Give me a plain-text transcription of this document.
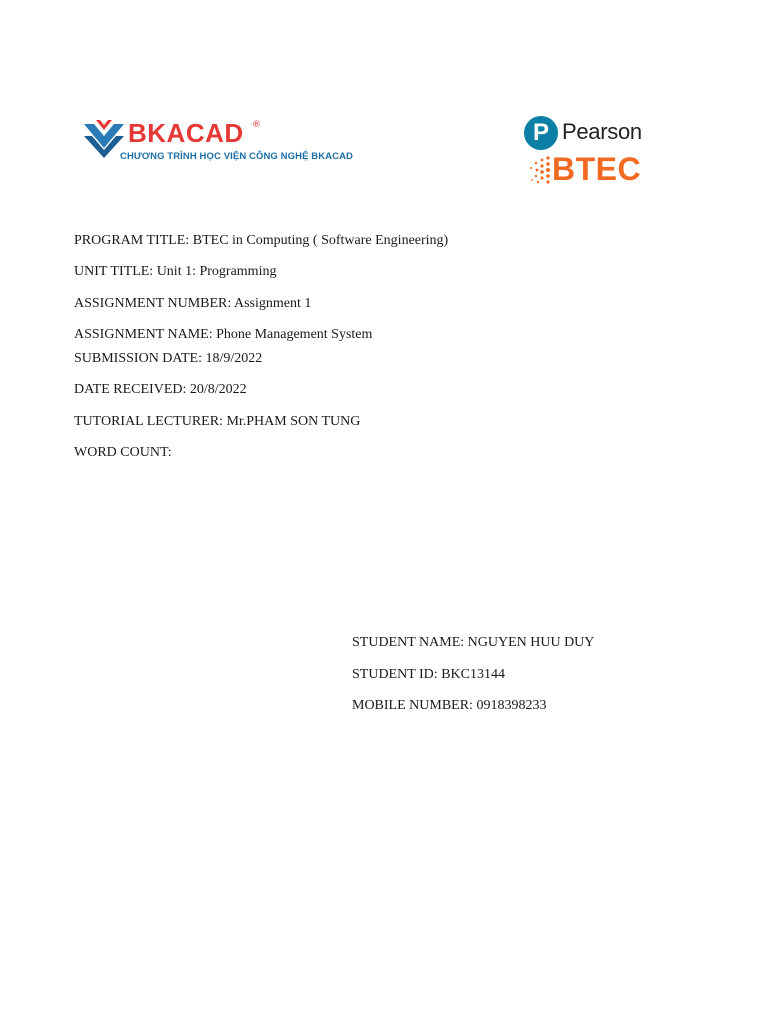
BKACAD ®
CHƯƠNG TRÌNH HỌC VIỆN CÔNG NGHỆ BKACAD
P Pearson
BTEC
PROGRAM TITLE: BTEC in Computing ( Software Engineering)
UNIT TITLE: Unit 1: Programming
ASSIGNMENT NUMBER: Assignment 1
ASSIGNMENT NAME: Phone Management System
SUBMISSION DATE: 18/9/2022
DATE RECEIVED: 20/8/2022
TUTORIAL LECTURER: Mr.PHAM SON TUNG
WORD COUNT:
STUDENT NAME: NGUYEN HUU DUY
STUDENT ID: BKC13144
MOBILE NUMBER: 0918398233
